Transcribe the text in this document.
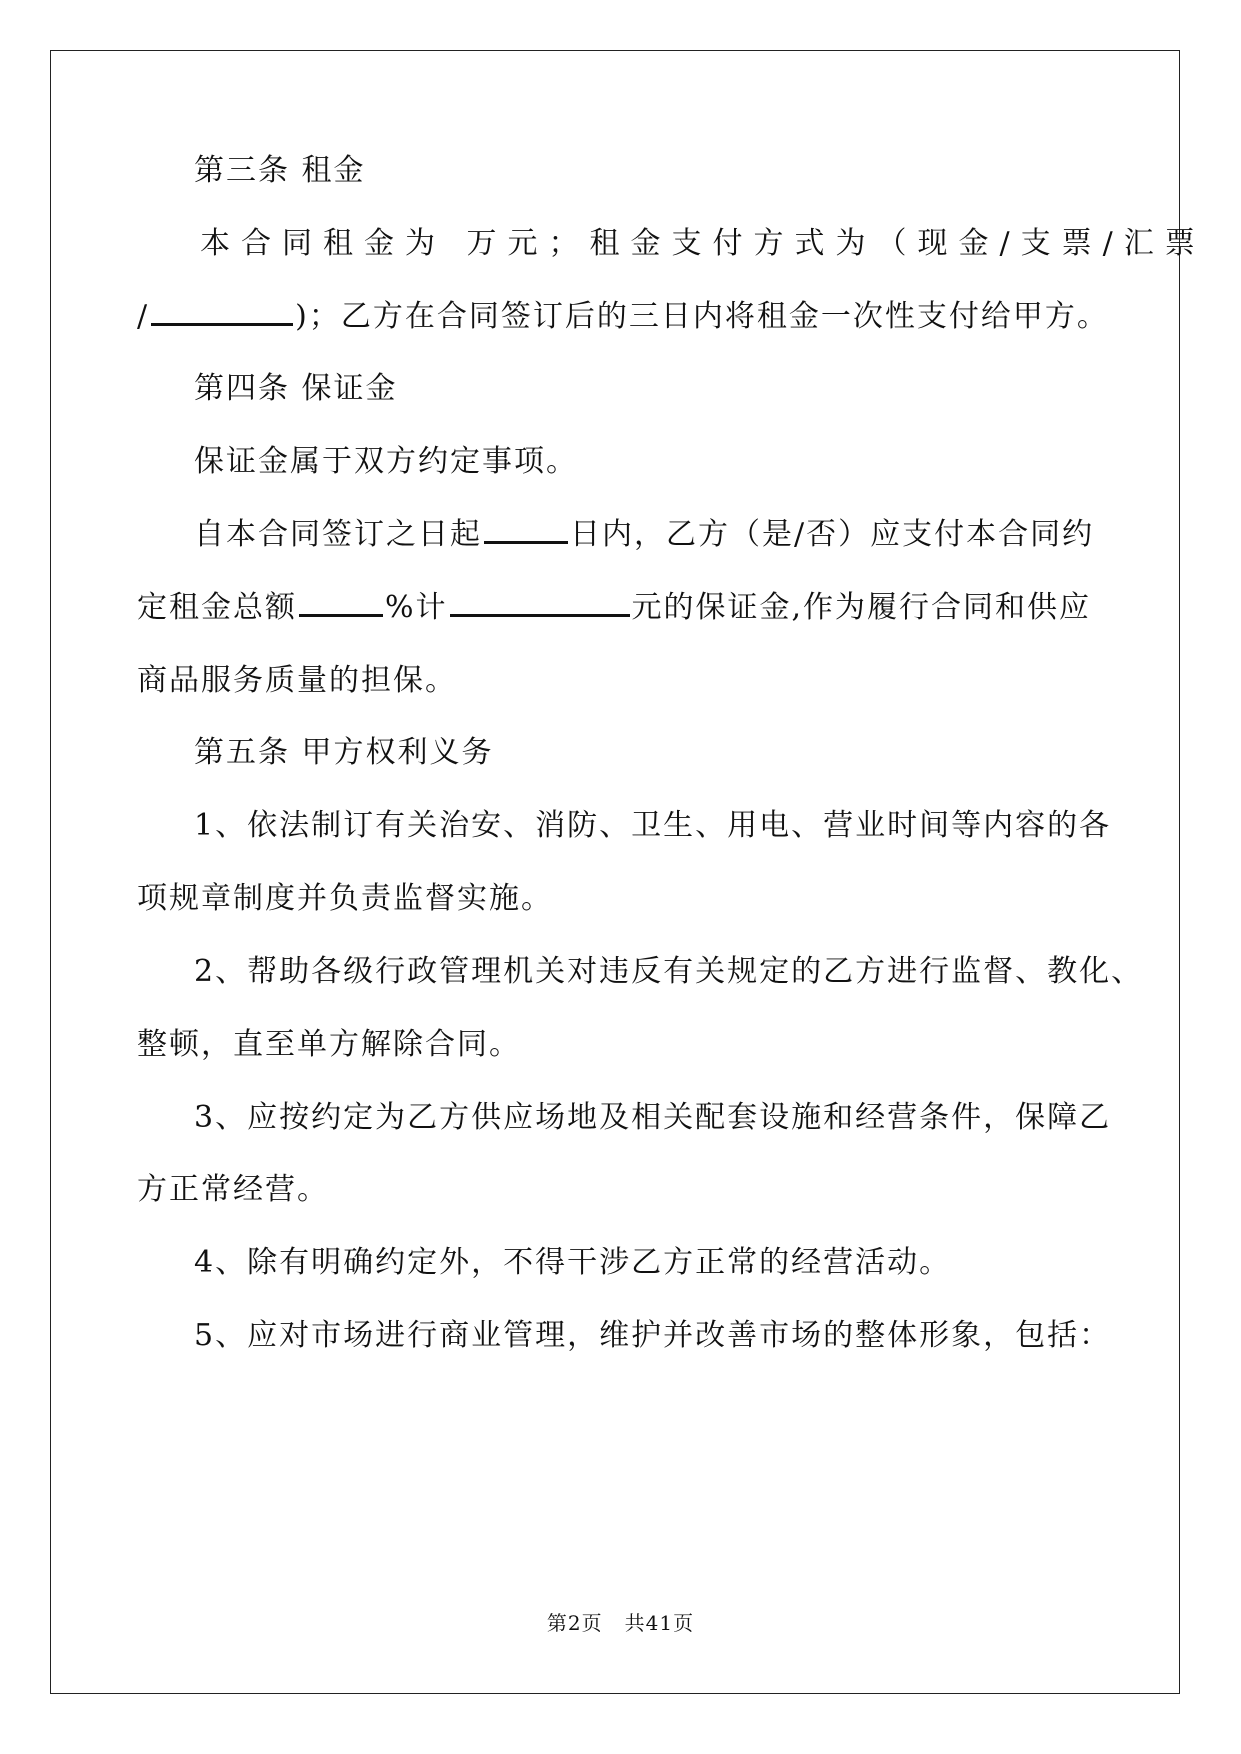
第三条 租金
本合同租金为 万元；租金支付方式为（现金/支票/汇票
/	)；乙方在合同签订后的三日内将租金一次性支付给甲方。
第四条 保证金
保证金属于双方约定事项。
自本合同签订之日起	日内，乙方（是/否）应支付本合同约
定租金总额	%计	元的保证金,作为履行合同和供应
商品服务质量的担保。
第五条 甲方权利义务
1、依法制订有关治安、消防、卫生、用电、营业时间等内容的各
项规章制度并负责监督实施。
2、帮助各级行政管理机关对违反有关规定的乙方进行监督、教化、
整顿，直至单方解除合同。
3、应按约定为乙方供应场地及相关配套设施和经营条件，保障乙
方正常经营。
4、除有明确约定外，不得干涉乙方正常的经营活动。
5、应对市场进行商业管理，维护并改善市场的整体形象，包括：
第2页 共41页
